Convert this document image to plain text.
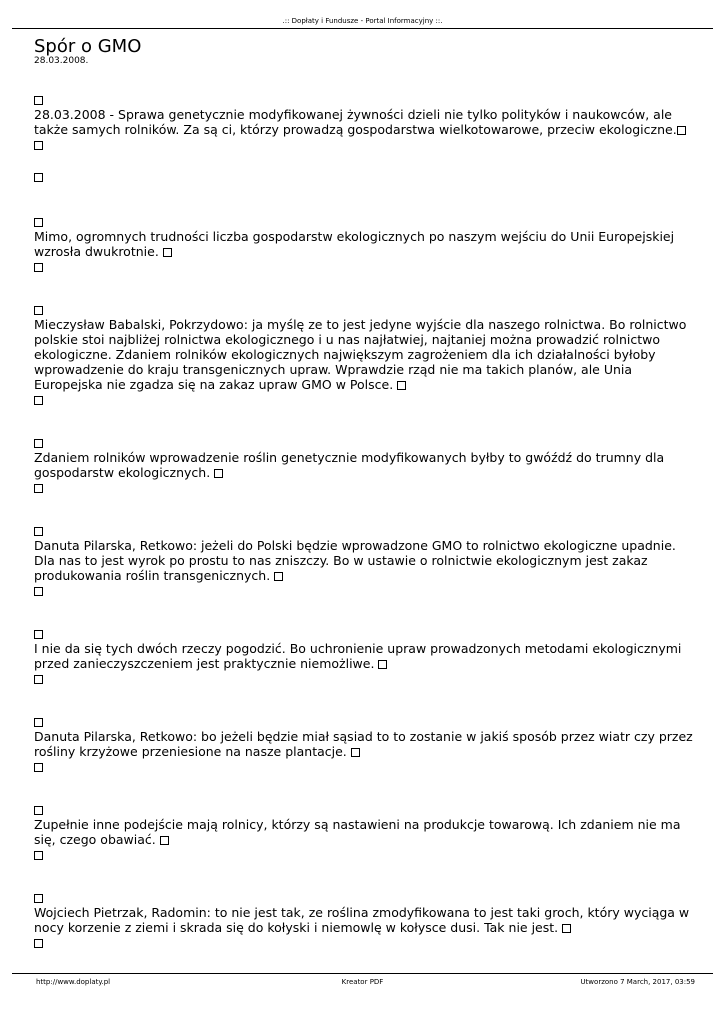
.:: Dopłaty i Fundusze - Portal Informacyjny ::.
Spór o GMO
28.03.2008.
28.03.2008 - Sprawa genetycznie modyfikowanej żywności dzieli nie tylko polityków i naukowców, ale także samych rolników. Za są ci, którzy prowadzą gospodarstwa wielkotowarowe, przeciw ekologiczne.
Mimo, ogromnych trudności liczba gospodarstw ekologicznych po naszym wejściu do Unii Europejskiej wzrosła dwukrotnie.
Mieczysław Babalski, Pokrzydowo: ja myślę ze to jest jedyne wyjście dla naszego rolnictwa. Bo rolnictwo polskie stoi najbliżej rolnictwa ekologicznego i u nas najłatwiej, najtaniej można prowadzić rolnictwo ekologiczne. Zdaniem rolników ekologicznych największym zagrożeniem dla ich działalności byłoby wprowadzenie do kraju transgenicznych upraw. Wprawdzie rząd nie ma takich planów, ale Unia Europejska nie zgadza się na zakaz upraw GMO w Polsce.
Zdaniem rolników wprowadzenie roślin genetycznie modyfikowanych byłby to gwóźdź do trumny dla gospodarstw ekologicznych.
Danuta Pilarska, Retkowo: jeżeli do Polski będzie wprowadzone GMO to rolnictwo ekologiczne upadnie. Dla nas to jest wyrok po prostu to nas zniszczy. Bo w ustawie o rolnictwie ekologicznym jest zakaz produkowania roślin transgenicznych.
I nie da się tych dwóch rzeczy pogodzić. Bo uchronienie upraw prowadzonych metodami ekologicznymi przed zanieczyszczeniem jest praktycznie niemożliwe.
Danuta Pilarska, Retkowo: bo jeżeli będzie miał sąsiad to to zostanie w jakiś sposób przez wiatr czy przez rośliny krzyżowe przeniesione na nasze plantacje.
Zupełnie inne podejście mają rolnicy, którzy są nastawieni na produkcje towarową. Ich zdaniem nie ma się, czego obawiać.
Wojciech Pietrzak, Radomin: to nie jest tak, ze roślina zmodyfikowana to jest taki groch, który wyciąga w nocy korzenie z ziemi i skrada się do kołyski i niemowlę w kołysce dusi. Tak nie jest.
http://www.doplaty.pl	Kreator PDF	Utworzono 7 March, 2017, 03:59
